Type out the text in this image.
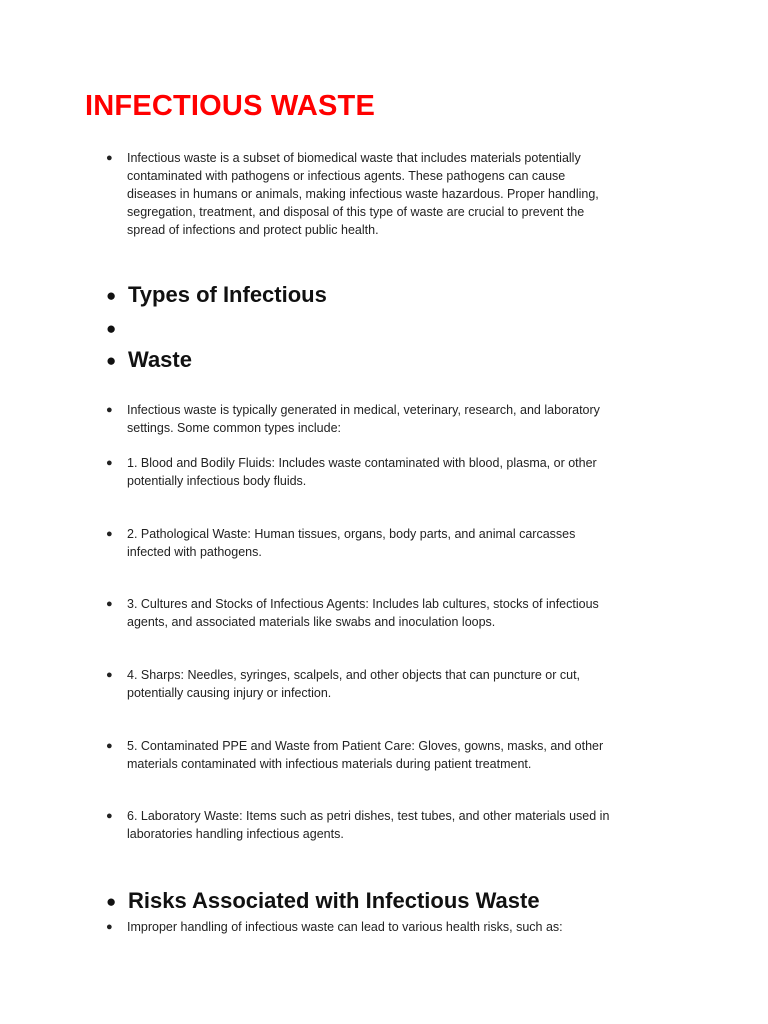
INFECTIOUS WASTE
● Infectious waste is a subset of biomedical waste that includes materials potentially contaminated with pathogens or infectious agents. These pathogens can cause diseases in humans or animals, making infectious waste hazardous. Proper handling, segregation, treatment, and disposal of this type of waste are crucial to prevent the spread of infections and protect public health.
● Types of Infectious
●
● Waste
● Infectious waste is typically generated in medical, veterinary, research, and laboratory settings. Some common types include:
● 1. Blood and Bodily Fluids: Includes waste contaminated with blood, plasma, or other potentially infectious body fluids.
● 2. Pathological Waste: Human tissues, organs, body parts, and animal carcasses infected with pathogens.
● 3. Cultures and Stocks of Infectious Agents: Includes lab cultures, stocks of infectious agents, and associated materials like swabs and inoculation loops.
● 4. Sharps: Needles, syringes, scalpels, and other objects that can puncture or cut, potentially causing injury or infection.
● 5. Contaminated PPE and Waste from Patient Care: Gloves, gowns, masks, and other materials contaminated with infectious materials during patient treatment.
● 6. Laboratory Waste: Items such as petri dishes, test tubes, and other materials used in laboratories handling infectious agents.
● Risks Associated with Infectious Waste
● Improper handling of infectious waste can lead to various health risks, such as:
